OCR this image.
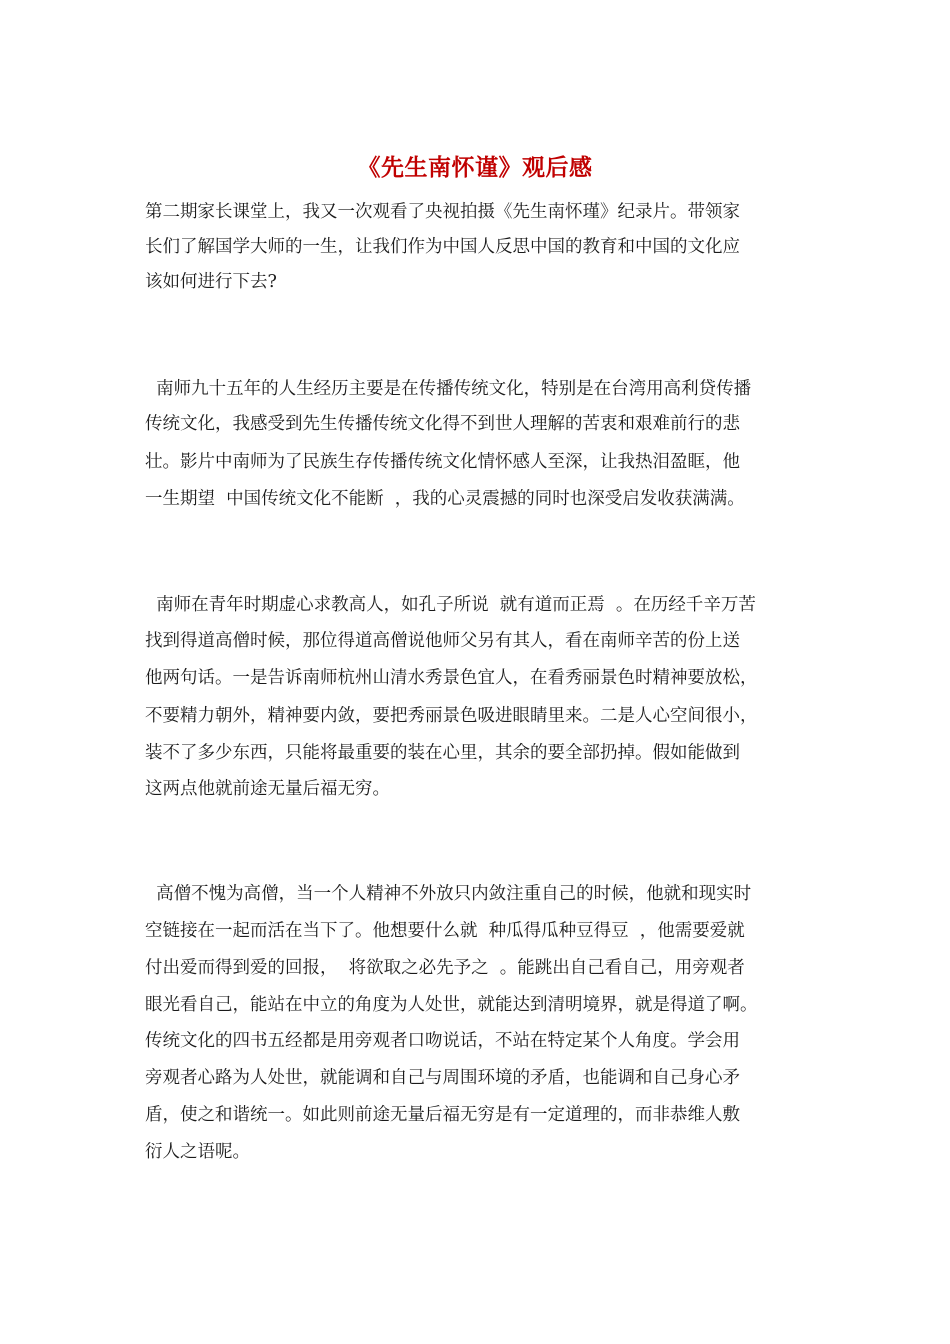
《先生南怀谨》观后感
第二期家长课堂上，我又一次观看了央视拍摄《先生南怀瑾》纪录片。带领家
长们了解国学大师的一生，让我们作为中国人反思中国的教育和中国的文化应
该如何进行下去?
南师九十五年的人生经历主要是在传播传统文化，特别是在台湾用高利贷传播
传统文化，我感受到先生传播传统文化得不到世人理解的苦衷和艰难前行的悲
壮。影片中南师为了民族生存传播传统文化情怀感人至深，让我热泪盈眶，他
一生期望  中国传统文化不能断  ，我的心灵震撼的同时也深受启发收获满满。
南师在青年时期虚心求教高人，如孔子所说  就有道而正焉  。在历经千辛万苦
找到得道高僧时候，那位得道高僧说他师父另有其人，看在南师辛苦的份上送
他两句话。一是告诉南师杭州山清水秀景色宜人，在看秀丽景色时精神要放松，
不要精力朝外，精神要内敛，要把秀丽景色吸进眼睛里来。二是人心空间很小，
装不了多少东西，只能将最重要的装在心里，其余的要全部扔掉。假如能做到
这两点他就前途无量后福无穷。
高僧不愧为高僧，当一个人精神不外放只内敛注重自己的时候，他就和现实时
空链接在一起而活在当下了。他想要什么就  种瓜得瓜种豆得豆  ，他需要爱就
付出爱而得到爱的回报，  将欲取之必先予之  。能跳出自己看自己，用旁观者
眼光看自己，能站在中立的角度为人处世，就能达到清明境界，就是得道了啊。
传统文化的四书五经都是用旁观者口吻说话，不站在特定某个人角度。学会用
旁观者心路为人处世，就能调和自己与周围环境的矛盾，也能调和自己身心矛
盾，使之和谐统一。如此则前途无量后福无穷是有一定道理的，而非恭维人敷
衍人之语呢。
